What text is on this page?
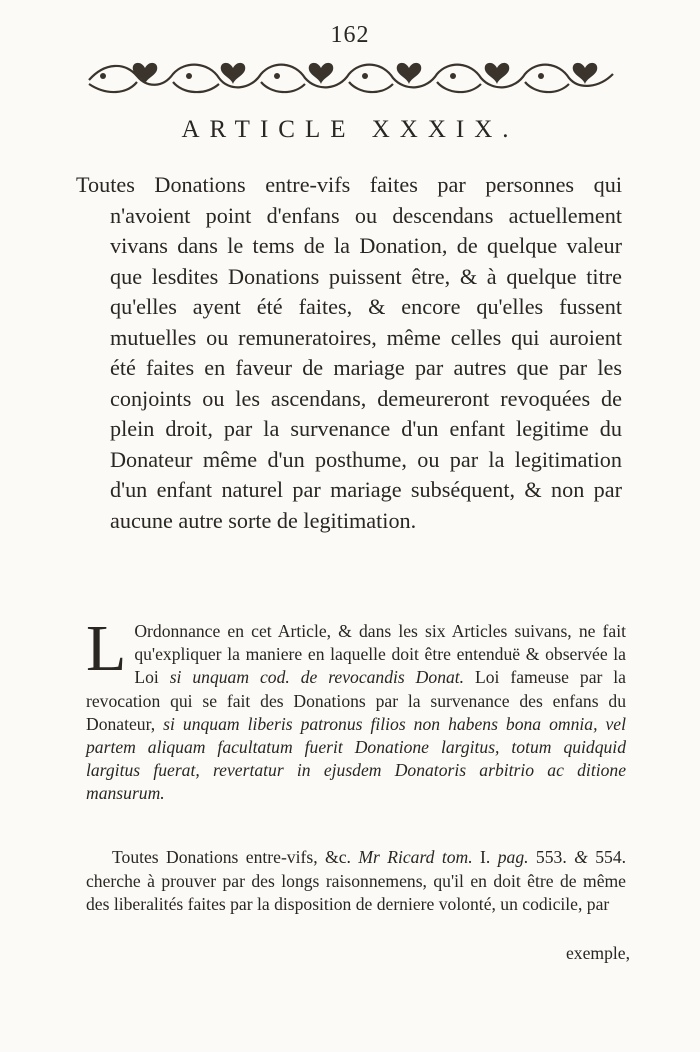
162
ARTICLE XXXIX.

Toutes Donations entre-vifs faites par personnes qui n'avoient point d'enfans ou descendans actuellement vivans dans le tems de la Donation, de quelque valeur que lesdites Donations puissent être, & à quelque titre qu'elles ayent été faites, & encore qu'elles fussent mutuelles ou remuneratoires, même celles qui auroient été faites en faveur de mariage par autres que par les conjoints ou les ascendans, demeureront revoquées de plein droit, par la survenance d'un enfant legitime du Donateur même d'un posthume, ou par la legitimation d'un enfant naturel par mariage subséquent, & non par aucune autre sorte de legitimation.

L Ordonnance en cet Article, & dans les six Articles suivans, ne fait qu'expliquer la maniere en laquelle doit être entenduë & observée la Loi si unquam cod. de revocandis Donat. Loi fameuse par la revocation qui se fait des Donations par la survenance des enfans du Donateur, si unquam liberis patronus filios non habens bona omnia, vel partem aliquam facultatum fuerit Donatione largitus, totum quidquid largitus fuerat, revertatur in ejusdem Donatoris arbitrio ac ditione mansurum.

Toutes Donations entre-vifs, &c. Mr Ricard tom. I. pag. 553. & 554. cherche à prouver par des longs raisonnemens, qu'il en doit être de même des liberalités faites par la disposition de derniere volonté, un codicile, par

exemple,
